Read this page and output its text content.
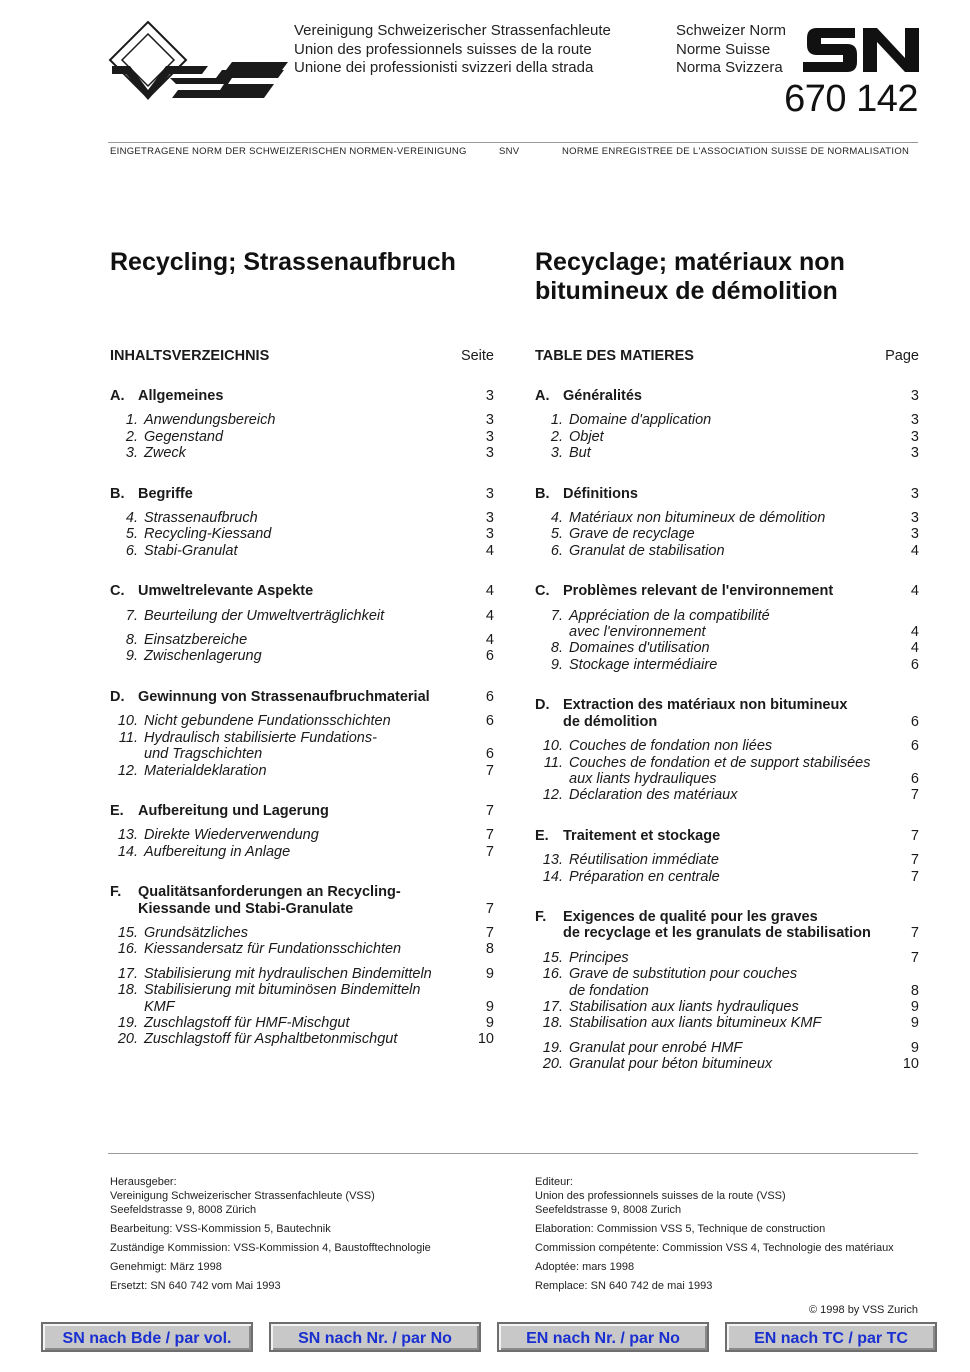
Vereinigung Schweizerischer Strassenfachleute
Union des professionnels suisses de la route
Unione dei professionisti svizzeri della strada
Schweizer Norm
Norme Suisse
Norma Svizzera
670 142
EINGETRAGENE NORM DER SCHWEIZERISCHEN NORMEN-VEREINIGUNG	SNV	NORME ENREGISTREE DE L'ASSOCIATION SUISSE DE NORMALISATION
Recycling; Strassenaufbruch	Recyclage; matériaux non
bitumineux de démolition
INHALTSVERZEICHNIS	Seite
A. Allgemeines	3
1. Anwendungsbereich	3
2. Gegenstand	3
3. Zweck	3
B. Begriffe	3
4. Strassenaufbruch	3
5. Recycling-Kiessand	3
6. Stabi-Granulat	4
C. Umweltrelevante Aspekte	4
7. Beurteilung der Umweltverträglichkeit	4
8. Einsatzbereiche	4
9. Zwischenlagerung	6
D. Gewinnung von Strassenaufbruchmaterial	6
10. Nicht gebundene Fundationsschichten	6
11. Hydraulisch stabilisierte Fundations-
und Tragschichten	6
12. Materialdeklaration	7
E. Aufbereitung und Lagerung	7
13. Direkte Wiederverwendung	7
14. Aufbereitung in Anlage	7
F.	Qualitätsanforderungen an Recycling-
Kiessande und Stabi-Granulate	7
15. Grundsätzliches	7
16. Kiessandersatz für Fundationsschichten	8
17. Stabilisierung mit hydraulischen Bindemitteln	9
18. Stabilisierung mit bituminösen Bindemitteln
KMF	9
19. Zuschlagstoff für HMF-Mischgut	9
20. Zuschlagstoff für Asphaltbetonmischgut	10
TABLE DES MATIERES	Page
A. Généralités	3
1. Domaine d'application	3
2. Objet	3
3. But	3
B. Définitions	3
4. Matériaux non bitumineux de démolition	3
5. Grave de recyclage	3
6. Granulat de stabilisation	4
C. Problèmes relevant de l'environnement	4
7. Appréciation de la compatibilité
avec l'environnement	4
8. Domaines d'utilisation	4
9. Stockage intermédiaire	6
D. Extraction des matériaux non bitumineux
de démolition	6
10. Couches de fondation non liées	6
11. Couches de fondation et de support stabilisées
aux liants hydrauliques	6
12. Déclaration des matériaux	7
E. Traitement et stockage	7
13. Réutilisation immédiate	7
14. Préparation en centrale	7
F.	Exigences de qualité pour les graves
de recyclage et les granulats de stabilisation	7
15. Principes	7
16. Grave de substitution pour couches
de fondation	8
17. Stabilisation aux liants hydrauliques	9
18. Stabilisation aux liants bitumineux KMF	9
19. Granulat pour enrobé HMF	9
20. Granulat pour béton bitumineux	10

Herausgeber:
Vereinigung Schweizerischer Strassenfachleute (VSS)
Seefeldstrasse 9, 8008 Zürich

Bearbeitung: VSS-Kommission 5, Bautechnik

Zuständige Kommission: VSS-Kommission 4, Baustofftechnologie

Genehmigt: März 1998

Ersetzt: SN 640 742 vom Mai 1993

Editeur:
Union des professionnels suisses de la route (VSS)
Seefeldstrasse 9, 8008 Zurich

Elaboration: Commission VSS 5, Technique de construction

Commission compétente: Commission VSS 4, Technologie des matériaux

Adoptée: mars 1998

Remplace: SN 640 742 de mai 1993

© 1998 by VSS Zurich
SN nach Bde / par vol.	SN nach Nr. / par No	EN nach Nr. / par No	EN nach TC / par TC
